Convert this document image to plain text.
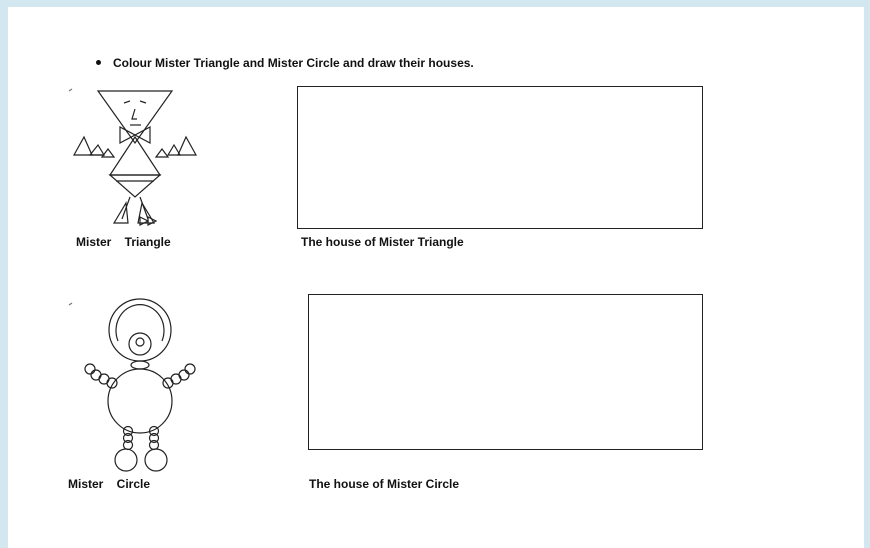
Colour Mister Triangle and Mister Circle and draw their houses.
Mister    Triangle	The house of Mister Triangle
Mister    Circle	The house of Mister Circle
